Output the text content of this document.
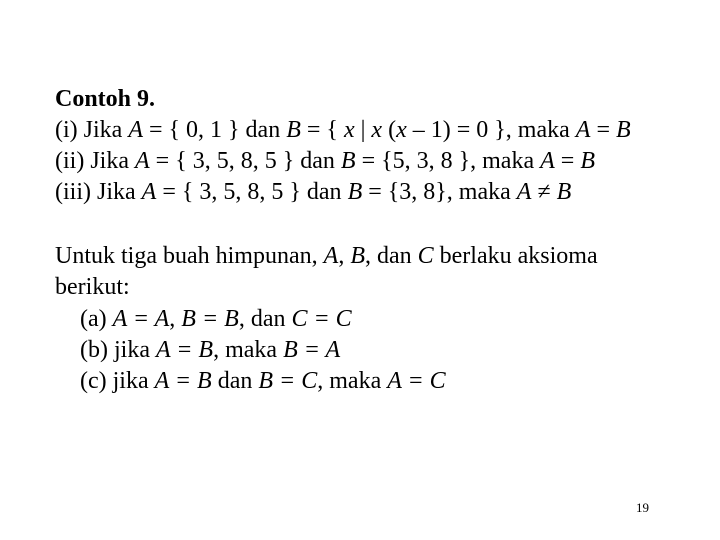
Contoh 9.
(i) Jika A = { 0, 1 } dan B = { x | x (x – 1) = 0 }, maka A = B
(ii) Jika A = { 3, 5, 8, 5 } dan B = {5, 3, 8 }, maka A = B
(iii) Jika A = { 3, 5, 8, 5 } dan B = {3, 8}, maka A ≠ B
Untuk tiga buah himpunan, A, B, dan C berlaku aksioma
berikut:
(a) A = A, B = B, dan C = C
(b) jika A = B, maka B = A
(c) jika A = B dan B = C, maka A = C
19
